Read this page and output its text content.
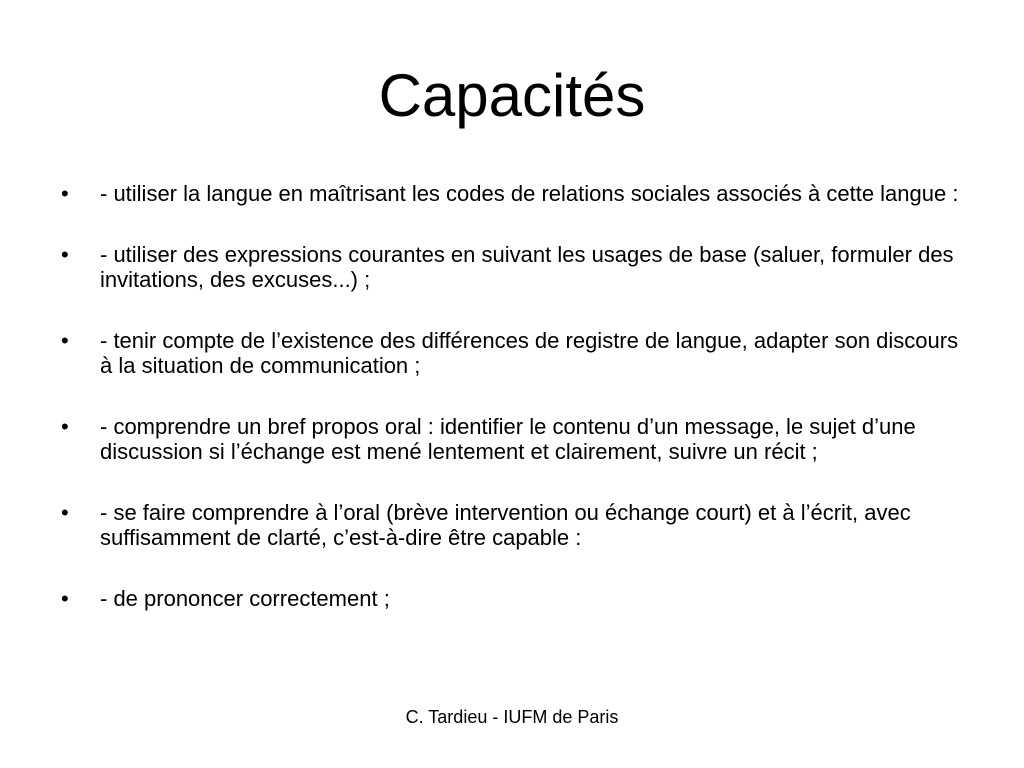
Capacités
• - utiliser la langue en maîtrisant les codes de relations sociales associés à cette langue :
• - utiliser des expressions courantes en suivant les usages de base (saluer, formuler des invitations, des excuses...) ;
• - tenir compte de l’existence des différences de registre de langue, adapter son discours à la situation de communication ;
• - comprendre un bref propos oral : identifier le contenu d’un message, le sujet d’une discussion si l’échange est mené lentement et clairement, suivre un récit ;
• - se faire comprendre à l’oral (brève intervention ou échange court) et à l’écrit, avec suffisamment de clarté, c’est-à-dire être capable :
• - de prononcer correctement ;
C. Tardieu - IUFM de Paris
